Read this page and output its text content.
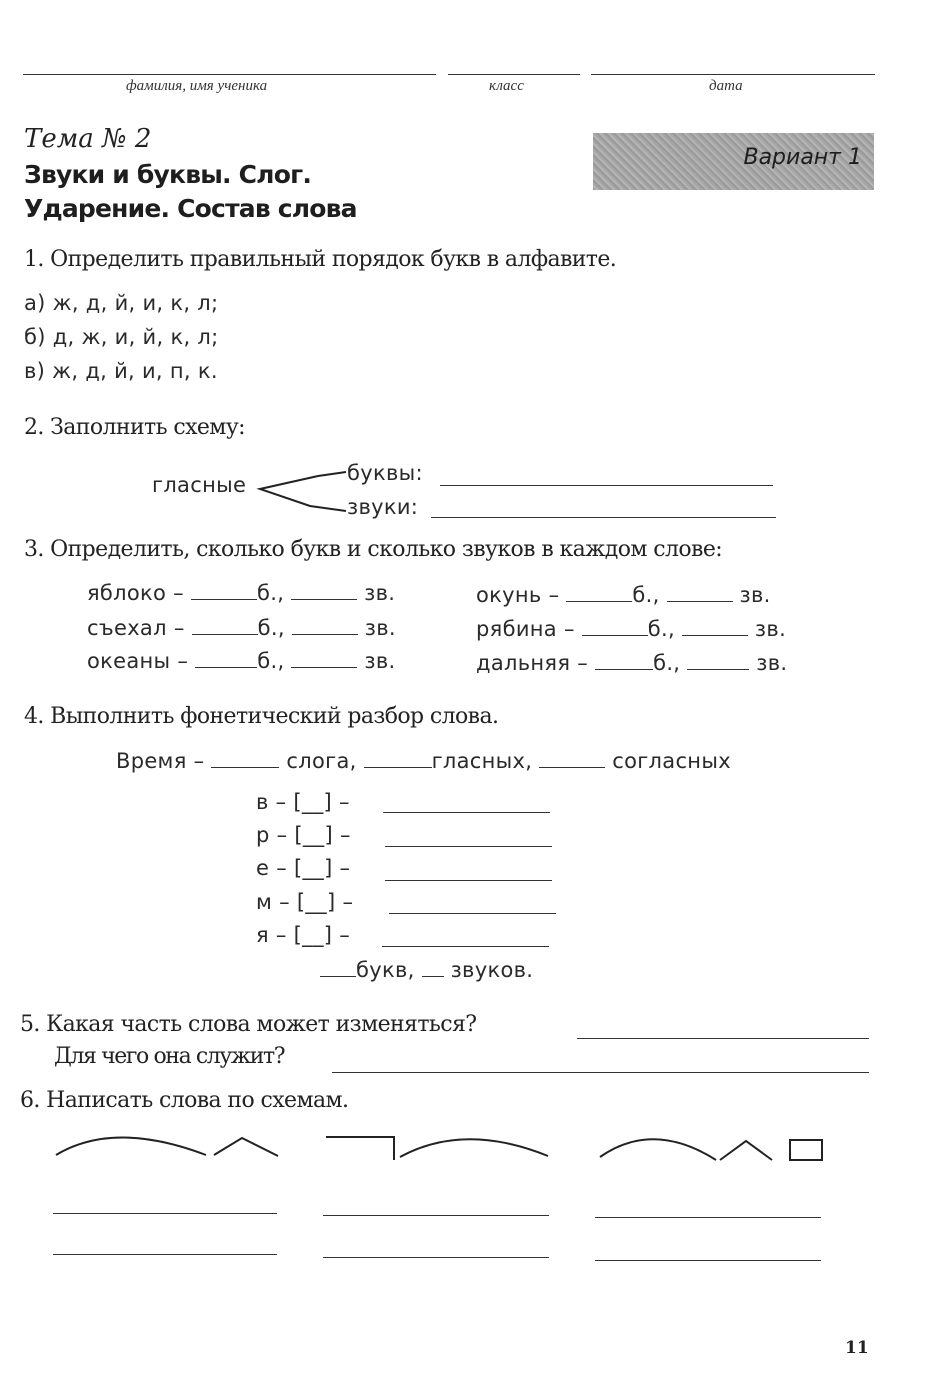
фамилия, имя ученика	класс	дата
Тема № 2
Звуки и буквы. Слог.
Ударение. Состав слова
Вариант 1
1. Определить правильный порядок букв в алфавите.
а) ж, д, й, и, к, л;
б) д, ж, и, й, к, л;
в) ж, д, й, и, п, к.
2. Заполнить схему:
гласные	буквы:
звуки:
3. Определить, сколько букв и сколько звуков в каждом слове:
яблоко –	б.,	зв.
съехал –	б.,	зв.
океаны –	б.,	зв.
окунь –	б.,	зв.
рябина –	б.,	зв.
дальняя –	б.,	зв.
4. Выполнить фонетический разбор слова.
Время –	слога,	гласных,	согласных
в – [__] –
р – [__] –
е – [__] –
м – [__] –
я – [__] –
букв, звуков.
5. Какая часть слова может изменяться?
Для чего она служит?
6. Написать слова по схемам.
11
